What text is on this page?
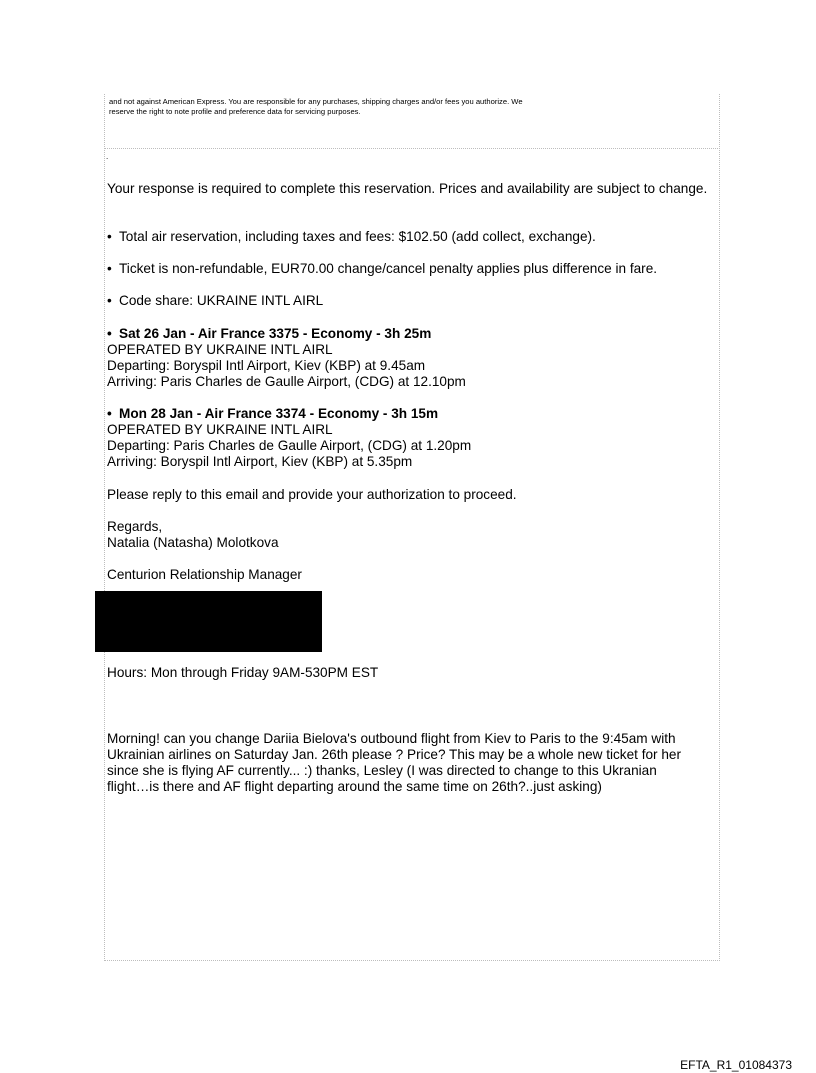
and not against American Express. You are responsible for any purchases, shipping charges and/or fees you authorize. We
reserve the right to note profile and preference data for servicing purposes.
.

Your response is required to complete this reservation. Prices and availability are subject to change.

• Total air reservation, including taxes and fees: $102.50 (add collect, exchange).

• Ticket is non-refundable, EUR70.00 change/cancel penalty applies plus difference in fare.

• Code share: UKRAINE INTL AIRL

• Sat 26 Jan - Air France 3375 - Economy - 3h 25m
OPERATED BY UKRAINE INTL AIRL
Departing: Boryspil Intl Airport, Kiev (KBP) at 9.45am
Arriving: Paris Charles de Gaulle Airport, (CDG) at 12.10pm
• Mon 28 Jan - Air France 3374 - Economy - 3h 15m
OPERATED BY UKRAINE INTL AIRL
Departing: Paris Charles de Gaulle Airport, (CDG) at 1.20pm
Arriving: Boryspil Intl Airport, Kiev (KBP) at 5.35pm

Please reply to this email and provide your authorization to proceed.

Regards,
Natalia (Natasha) Molotkova

Centurion Relationship Manager

Hours: Mon through Friday 9AM-530PM EST

Morning! can you change Dariia Bielova's outbound flight from Kiev to Paris to the 9:45am with
Ukrainian airlines on Saturday Jan. 26th please ? Price? This may be a whole new ticket for her
since she is flying AF currently... :) thanks, Lesley (I was directed to change to this Ukranian
flight…is there and AF flight departing around the same time on 26th?..just asking)
EFTA_R1_01084373
